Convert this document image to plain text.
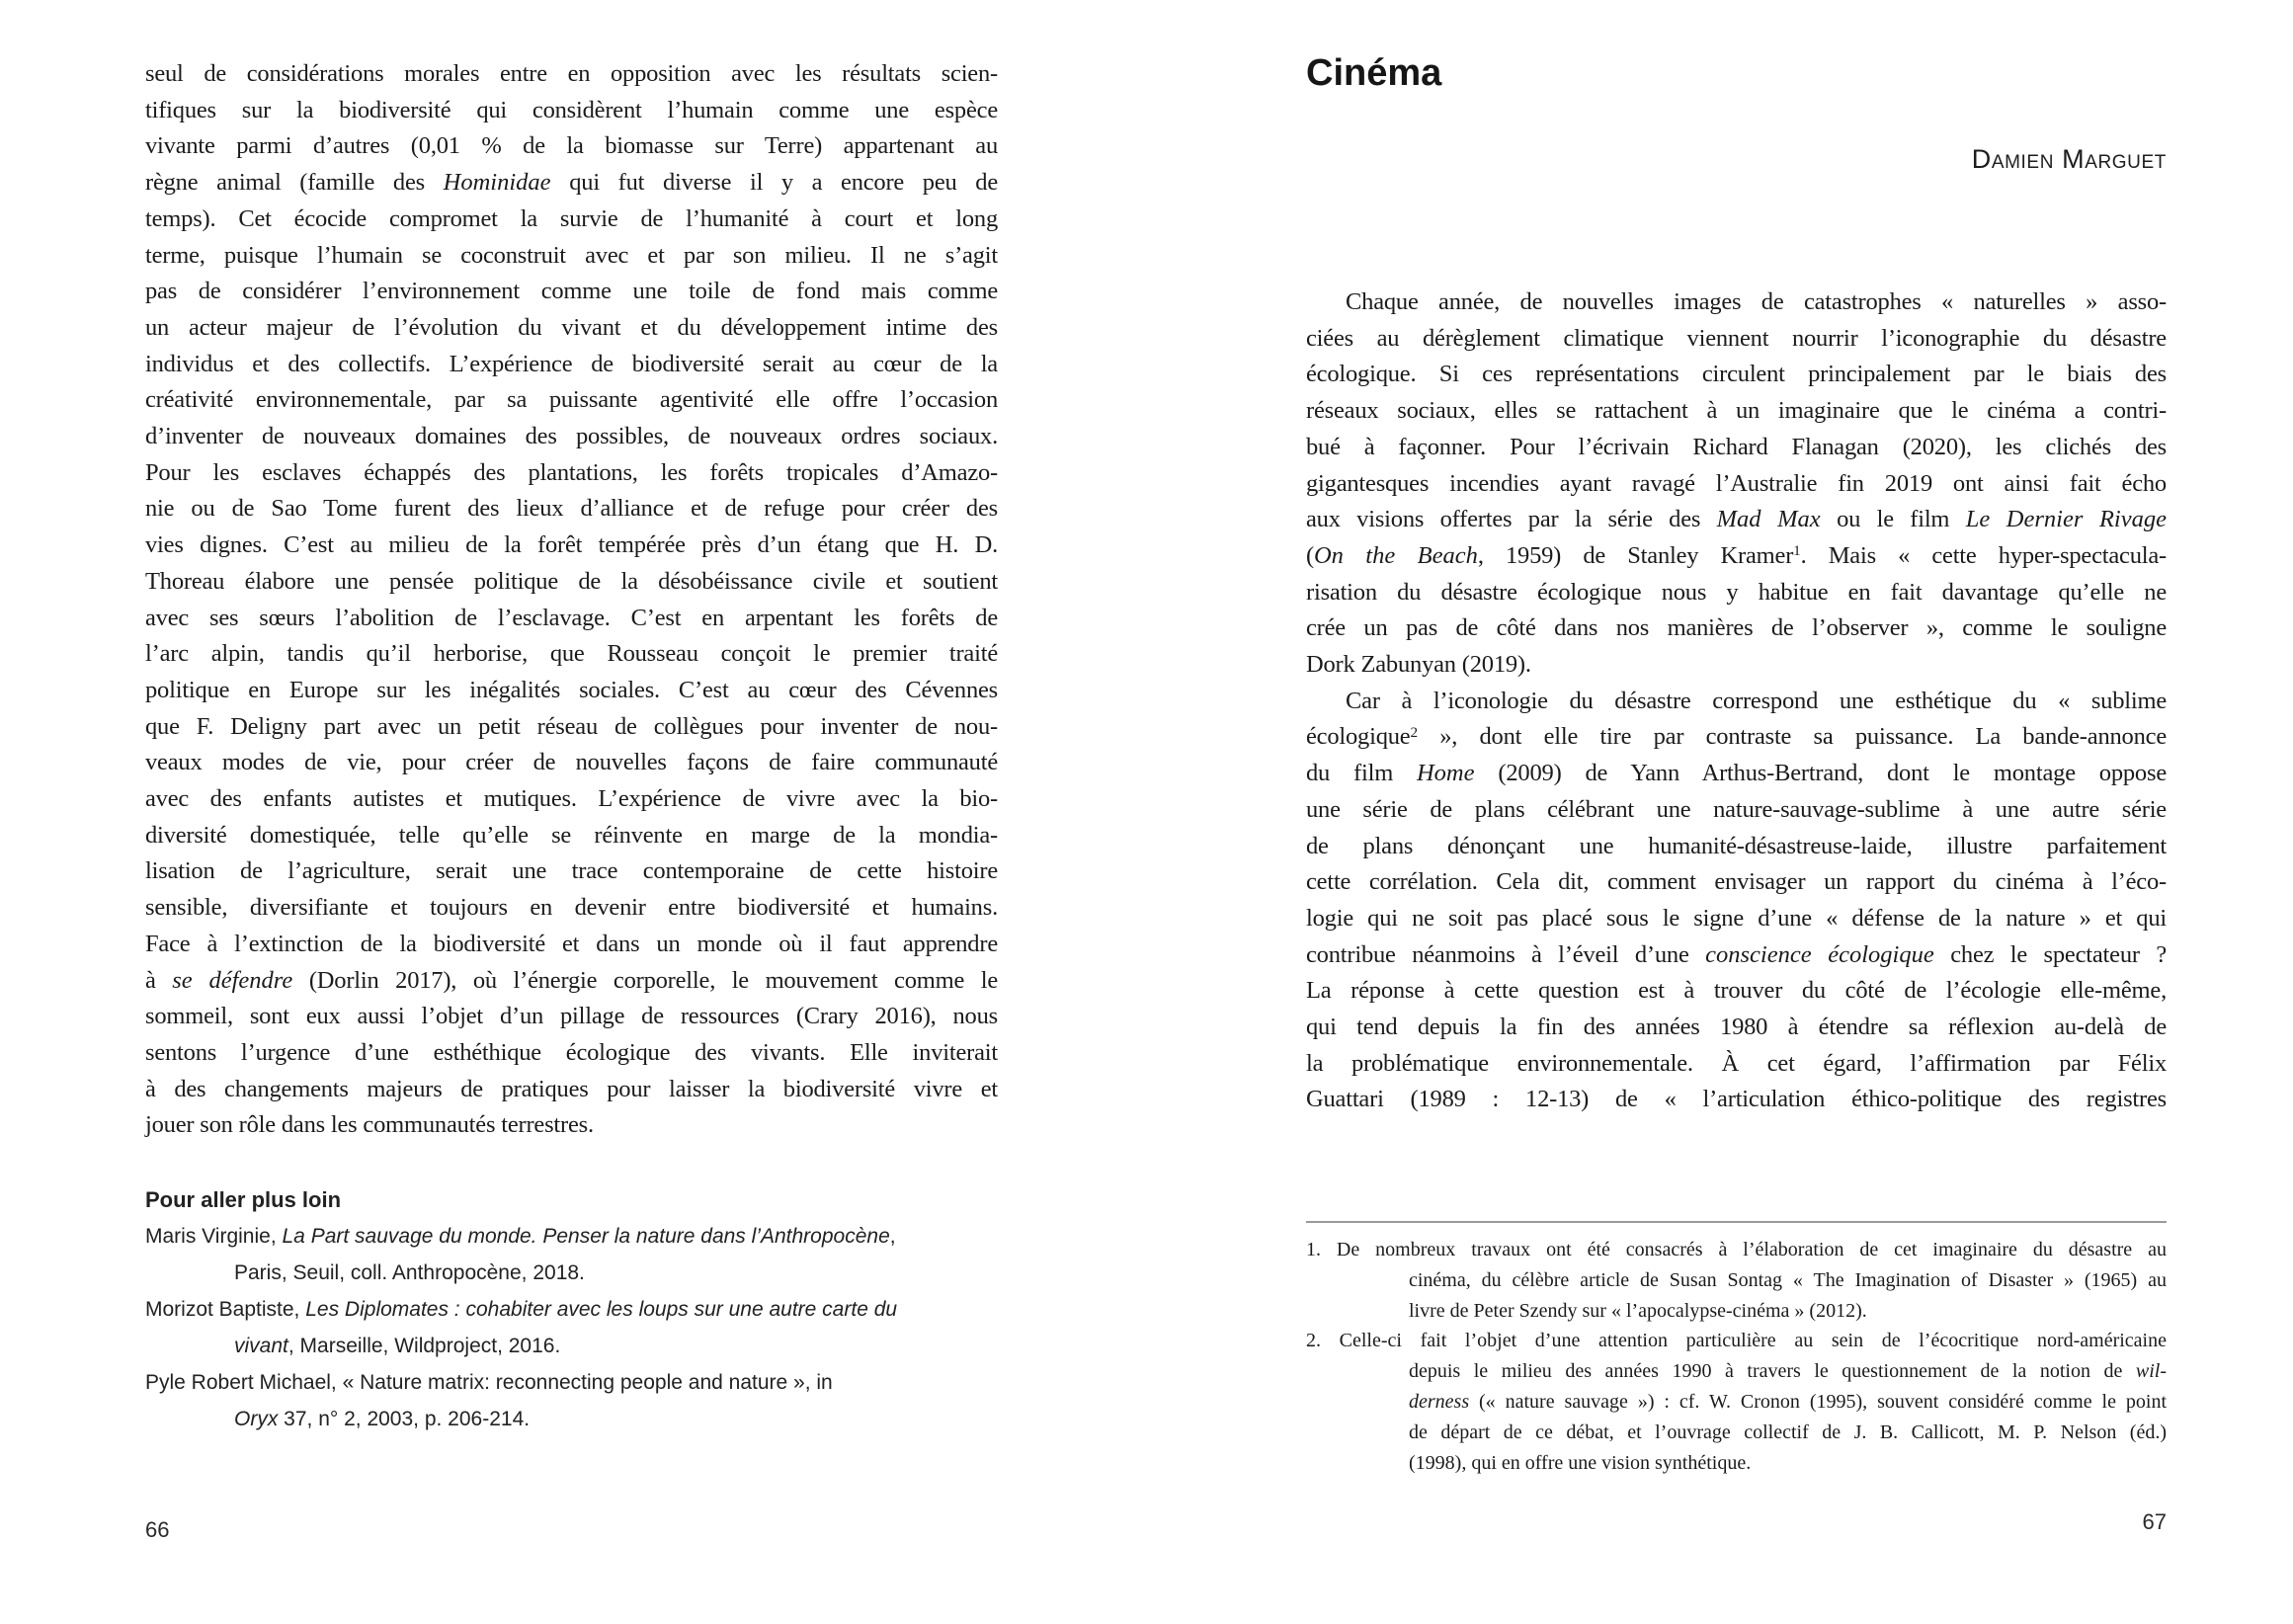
seul de considérations morales entre en opposition avec les résultats scien-
tifiques sur la biodiversité qui considèrent l’humain comme une espèce
vivante parmi d’autres (0,01 % de la biomasse sur Terre) appartenant au
règne animal (famille des Hominidae qui fut diverse il y a encore peu de
temps). Cet écocide compromet la survie de l’humanité à court et long
terme, puisque l’humain se coconstruit avec et par son milieu. Il ne s’agit
pas de considérer l’environnement comme une toile de fond mais comme
un acteur majeur de l’évolution du vivant et du développement intime des
individus et des collectifs. L’expérience de biodiversité serait au cœur de la
créativité environnementale, par sa puissante agentivité elle offre l’occasion
d’inventer de nouveaux domaines des possibles, de nouveaux ordres sociaux.
Pour les esclaves échappés des plantations, les forêts tropicales d’Amazo-
nie ou de Sao Tome furent des lieux d’alliance et de refuge pour créer des
vies dignes. C’est au milieu de la forêt tempérée près d’un étang que H. D.
Thoreau élabore une pensée politique de la désobéissance civile et soutient
avec ses sœurs l’abolition de l’esclavage. C’est en arpentant les forêts de
l’arc alpin, tandis qu’il herborise, que Rousseau conçoit le premier traité
politique en Europe sur les inégalités sociales. C’est au cœur des Cévennes
que F. Deligny part avec un petit réseau de collègues pour inventer de nou-
veaux modes de vie, pour créer de nouvelles façons de faire communauté
avec des enfants autistes et mutiques. L’expérience de vivre avec la bio-
diversité domestiquée, telle qu’elle se réinvente en marge de la mondia-
lisation de l’agriculture, serait une trace contemporaine de cette histoire
sensible, diversifiante et toujours en devenir entre biodiversité et humains.
Face à l’extinction de la biodiversité et dans un monde où il faut apprendre
à se défendre (Dorlin 2017), où l’énergie corporelle, le mouvement comme le
sommeil, sont eux aussi l’objet d’un pillage de ressources (Crary 2016), nous
sentons l’urgence d’une esthéthique écologique des vivants. Elle inviterait
à des changements majeurs de pratiques pour laisser la biodiversité vivre et
jouer son rôle dans les communautés terrestres.
Pour aller plus loin
Maris Virginie, La Part sauvage du monde. Penser la nature dans l’Anthropocène,
Paris, Seuil, coll. Anthropocène, 2018.
Morizot Baptiste, Les Diplomates : cohabiter avec les loups sur une autre carte du
vivant, Marseille, Wildproject, 2016.
Pyle Robert Michael, « Nature matrix: reconnecting people and nature », in
Oryx 37, n° 2, 2003, p. 206-214.
66
Cinéma
Damien Marguet
Chaque année, de nouvelles images de catastrophes « naturelles » asso-
ciées au dérèglement climatique viennent nourrir l’iconographie du désastre
écologique. Si ces représentations circulent principalement par le biais des
réseaux sociaux, elles se rattachent à un imaginaire que le cinéma a contri-
bué à façonner. Pour l’écrivain Richard Flanagan (2020), les clichés des
gigantesques incendies ayant ravagé l’Australie fin 2019 ont ainsi fait écho
aux visions offertes par la série des Mad Max ou le film Le Dernier Rivage
(On the Beach, 1959) de Stanley Kramer$^1$. Mais « cette hyper-spectacula-
risation du désastre écologique nous y habitue en fait davantage qu’elle ne
crée un pas de côté dans nos manières de l’observer », comme le souligne
Dork Zabunyan (2019).
Car à l’iconologie du désastre correspond une esthétique du « sublime
écologique$^2$ », dont elle tire par contraste sa puissance. La bande-annonce
du film Home (2009) de Yann Arthus-Bertrand, dont le montage oppose
une série de plans célébrant une nature-sauvage-sublime à une autre série
de plans dénonçant une humanité-désastreuse-laide, illustre parfaitement
cette corrélation. Cela dit, comment envisager un rapport du cinéma à l’éco-
logie qui ne soit pas placé sous le signe d’une « défense de la nature » et qui
contribue néanmoins à l’éveil d’une conscience écologique chez le spectateur ?
La réponse à cette question est à trouver du côté de l’écologie elle-même,
qui tend depuis la fin des années 1980 à étendre sa réflexion au-delà de
la problématique environnementale. À cet égard, l’affirmation par Félix
Guattari (1989 : 12-13) de « l’articulation éthico-politique des registres
1. De nombreux travaux ont été consacrés à l’élaboration de cet imaginaire du désastre au
cinéma, du célèbre article de Susan Sontag « The Imagination of Disaster » (1965) au
livre de Peter Szendy sur « l’apocalypse-cinéma » (2012).
2. Celle-ci fait l’objet d’une attention particulière au sein de l’écocritique nord-américaine
depuis le milieu des années 1990 à travers le questionnement de la notion de wil-
derness (« nature sauvage ») : cf. W. Cronon (1995), souvent considéré comme le point
de départ de ce débat, et l’ouvrage collectif de J. B. Callicott, M. P. Nelson (éd.)
(1998), qui en offre une vision synthétique.
67
